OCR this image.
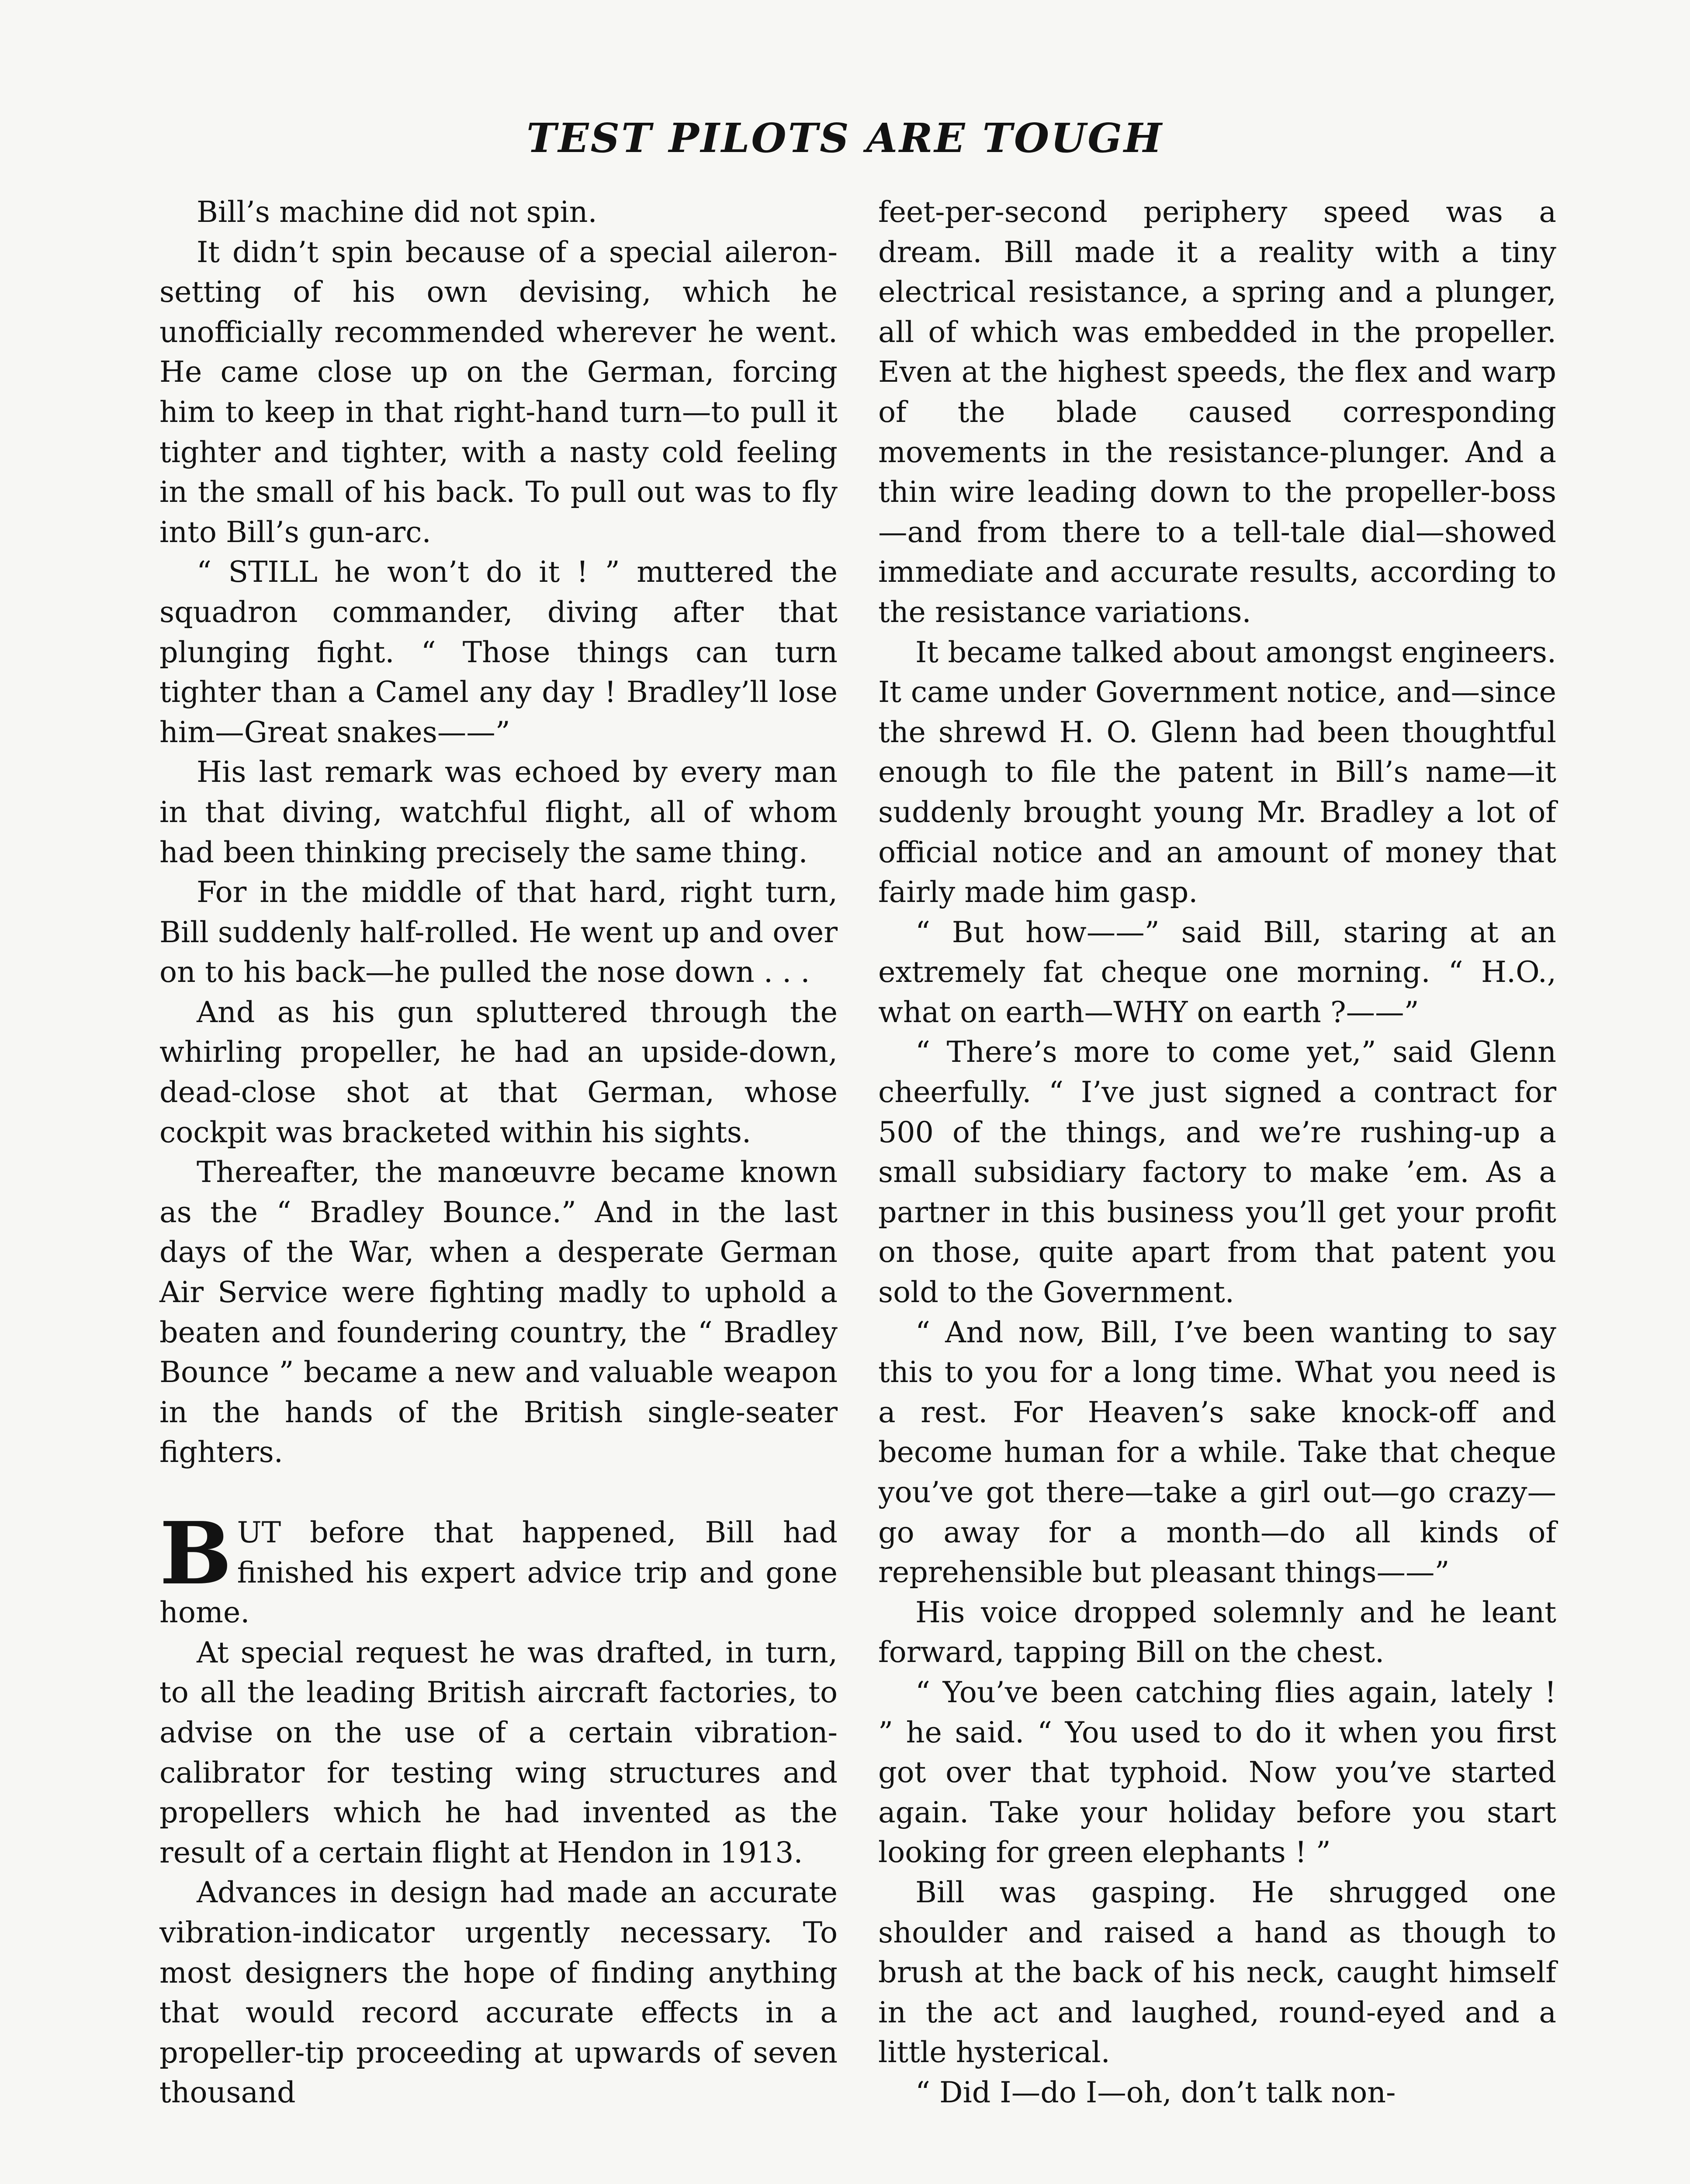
TEST PILOTS ARE TOUGH

Bill’s machine did not spin.

It didn’t spin because of a special aileron-setting of his own devising, which he unofficially recommended wherever he went. He came close up on the German, forcing him to keep in that right-hand turn—to pull it tighter and tighter, with a nasty cold feeling in the small of his back. To pull out was to fly into Bill’s gun-arc.

“ STILL he won’t do it ! ” muttered the squadron commander, diving after that plunging fight. “ Those things can turn tighter than a Camel any day ! Bradley’ll lose him—Great snakes——”

His last remark was echoed by every man in that diving, watchful flight, all of whom had been thinking precisely the same thing.

For in the middle of that hard, right turn, Bill suddenly half-rolled. He went up and over on to his back—he pulled the nose down . . .

And as his gun spluttered through the whirling propeller, he had an upside-down, dead-close shot at that German, whose cockpit was bracketed within his sights.

Thereafter, the manœuvre became known as the “ Bradley Bounce.” And in the last days of the War, when a desperate German Air Service were fighting madly to uphold a beaten and foundering country, the “ Bradley Bounce ” became a new and valuable weapon in the hands of the British single-seater fighters.

BUT before that happened, Bill had finished his expert advice trip and gone home.

At special request he was drafted, in turn, to all the leading British aircraft factories, to advise on the use of a certain vibration-calibrator for testing wing structures and propellers which he had invented as the result of a certain flight at Hendon in 1913.

Advances in design had made an accurate vibration-indicator urgently necessary. To most designers the hope of finding anything that would record accurate effects in a propeller-tip proceeding at upwards of seven thousand

feet-per-second periphery speed was a dream. Bill made it a reality with a tiny electrical resistance, a spring and a plunger, all of which was embedded in the propeller. Even at the highest speeds, the flex and warp of the blade caused corresponding movements in the resistance-plunger. And a thin wire leading down to the propeller-boss—and from there to a tell-tale dial—showed immediate and accurate results, according to the resistance variations.

It became talked about amongst engineers. It came under Government notice, and—since the shrewd H. O. Glenn had been thoughtful enough to file the patent in Bill’s name—it suddenly brought young Mr. Bradley a lot of official notice and an amount of money that fairly made him gasp.

“ But how——” said Bill, staring at an extremely fat cheque one morning. “ H.O., what on earth—WHY on earth ?——”

“ There’s more to come yet,” said Glenn cheerfully. “ I’ve just signed a contract for 500 of the things, and we’re rushing-up a small subsidiary factory to make ’em. As a partner in this business you’ll get your profit on those, quite apart from that patent you sold to the Government.

“ And now, Bill, I’ve been wanting to say this to you for a long time. What you need is a rest. For Heaven’s sake knock-off and become human for a while. Take that cheque you’ve got there—take a girl out—go crazy—go away for a month—do all kinds of reprehensible but pleasant things——”

His voice dropped solemnly and he leant forward, tapping Bill on the chest.

“ You’ve been catching flies again, lately ! ” he said. “ You used to do it when you first got over that typhoid. Now you’ve started again. Take your holiday before you start looking for green elephants ! ”

Bill was gasping. He shrugged one shoulder and raised a hand as though to brush at the back of his neck, caught himself in the act and laughed, round-eyed and a little hysterical.

“ Did I—do I—oh, don’t talk non-
